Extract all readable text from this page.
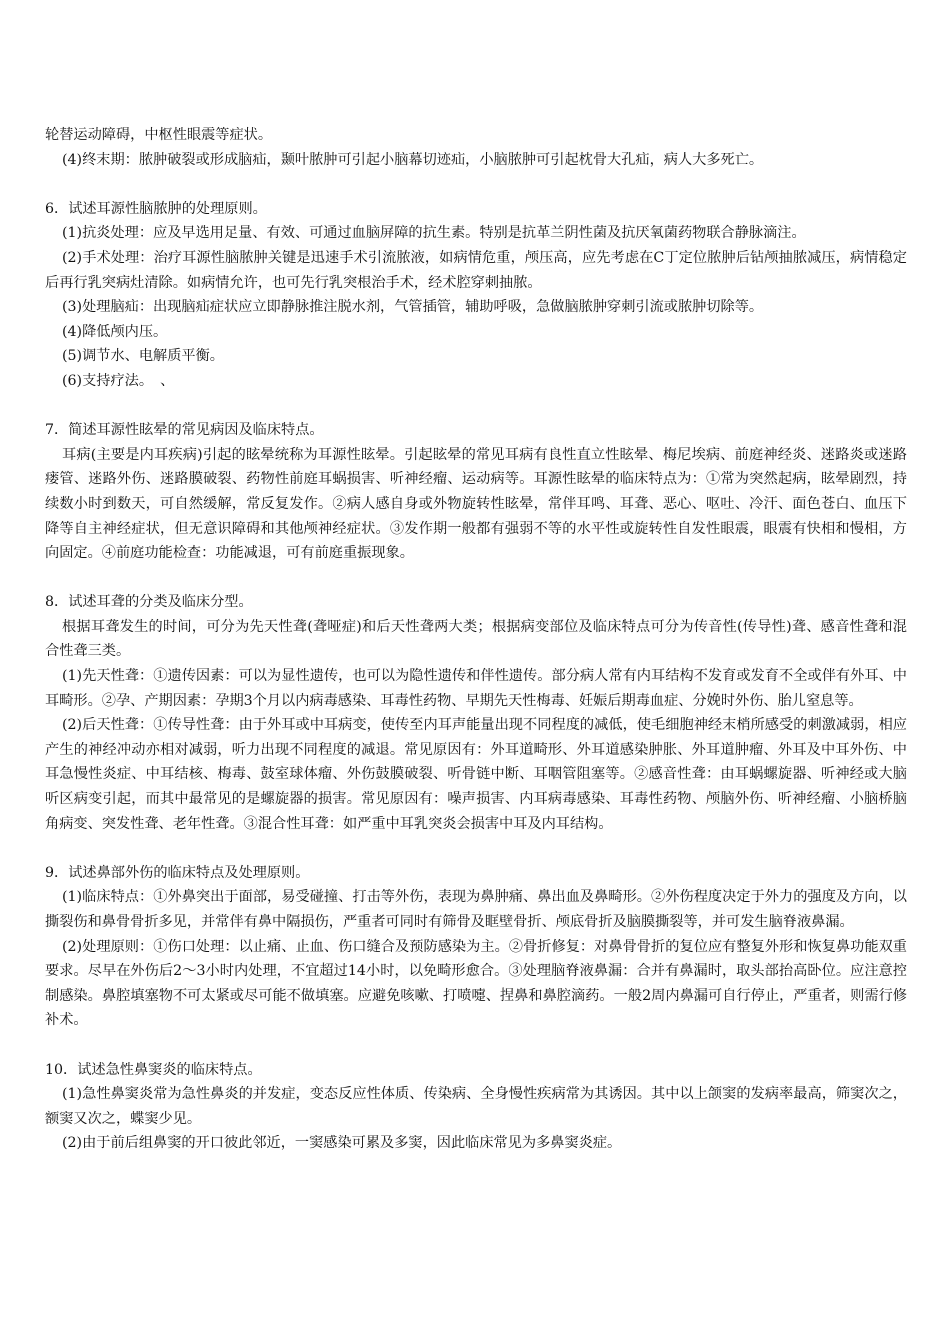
轮替运动障碍，中枢性眼震等症状。

(4)终末期：脓肿破裂或形成脑疝，颞叶脓肿可引起小脑幕切迹疝，小脑脓肿可引起枕骨大孔疝，病人大多死亡。

6．试述耳源性脑脓肿的处理原则。

(1)抗炎处理：应及早选用足量、有效、可通过血脑屏障的抗生素。特别是抗革兰阴性菌及抗厌氧菌药物联合静脉滴注。

(2)手术处理：治疗耳源性脑脓肿关键是迅速手术引流脓液，如病情危重，颅压高，应先考虑在C丁定位脓肿后钻颅抽脓减压，病情稳定后再行乳突病灶清除。如病情允许，也可先行乳突根治手术，经术腔穿刺抽脓。

(3)处理脑疝：出现脑疝症状应立即静脉推注脱水剂，气管插管，辅助呼吸，急做脑脓肿穿刺引流或脓肿切除等。

(4)降低颅内压。

(5)调节水、电解质平衡。

(6)支持疗法。　、

7．简述耳源性眩晕的常见病因及临床特点。

耳病(主要是内耳疾病)引起的眩晕统称为耳源性眩晕。引起眩晕的常见耳病有良性直立性眩晕、梅尼埃病、前庭神经炎、迷路炎或迷路瘘管、迷路外伤、迷路膜破裂、药物性前庭耳蜗损害、听神经瘤、运动病等。耳源性眩晕的临床特点为：①常为突然起病，眩晕剧烈，持续数小时到数天，可自然缓解，常反复发作。②病人感自身或外物旋转性眩晕，常伴耳鸣、耳聋、恶心、呕吐、冷汗、面色苍白、血压下降等自主神经症状，但无意识障碍和其他颅神经症状。③发作期一般都有强弱不等的水平性或旋转性自发性眼震，眼震有快相和慢相，方向固定。④前庭功能检查：功能减退，可有前庭重振现象。

8．试述耳聋的分类及临床分型。

根据耳聋发生的时间，可分为先天性聋(聋哑症)和后天性聋两大类；根据病变部位及临床特点可分为传音性(传导性)聋、感音性聋和混合性聋三类。

(1)先天性聋：①遗传因素：可以为显性遗传，也可以为隐性遗传和伴性遗传。部分病人常有内耳结构不发育或发育不全或伴有外耳、中耳畸形。②孕、产期因素：孕期3个月以内病毒感染、耳毒性药物、早期先天性梅毒、妊娠后期毒血症、分娩时外伤、胎儿窒息等。

(2)后天性聋：①传导性聋：由于外耳或中耳病变，使传至内耳声能量出现不同程度的减低，使毛细胞神经末梢所感受的刺激减弱，相应产生的神经冲动亦相对减弱，听力出现不同程度的减退。常见原因有：外耳道畸形、外耳道感染肿胀、外耳道肿瘤、外耳及中耳外伤、中耳急慢性炎症、中耳结核、梅毒、鼓室球体瘤、外伤鼓膜破裂、听骨链中断、耳咽管阻塞等。②感音性聋：由耳蜗螺旋器、听神经或大脑听区病变引起，而其中最常见的是螺旋器的损害。常见原因有：噪声损害、内耳病毒感染、耳毒性药物、颅脑外伤、听神经瘤、小脑桥脑角病变、突发性聋、老年性聋。③混合性耳聋：如严重中耳乳突炎会损害中耳及内耳结构。

9．试述鼻部外伤的临床特点及处理原则。

(1)临床特点：①外鼻突出于面部，易受碰撞、打击等外伤，表现为鼻肿痛、鼻出血及鼻畸形。②外伤程度决定于外力的强度及方向，以撕裂伤和鼻骨骨折多见，并常伴有鼻中隔损伤，严重者可同时有筛骨及眶壁骨折、颅底骨折及脑膜撕裂等，并可发生脑脊液鼻漏。

(2)处理原则：①伤口处理：以止痛、止血、伤口缝合及预防感染为主。②骨折修复：对鼻骨骨折的复位应有整复外形和恢复鼻功能双重要求。尽早在外伤后2～3小时内处理，不宜超过14小时，以免畸形愈合。③处理脑脊液鼻漏：合并有鼻漏时，取头部抬高卧位。应注意控制感染。鼻腔填塞物不可太紧或尽可能不做填塞。应避免咳嗽、打喷嚏、捏鼻和鼻腔滴药。一般2周内鼻漏可自行停止，严重者，则需行修补术。

10．试述急性鼻窦炎的临床特点。

(1)急性鼻窦炎常为急性鼻炎的并发症，变态反应性体质、传染病、全身慢性疾病常为其诱因。其中以上颌窦的发病率最高，筛窦次之，额窦又次之，蝶窦少见。

(2)由于前后组鼻窦的开口彼此邻近，一窦感染可累及多窦，因此临床常见为多鼻窦炎症。
